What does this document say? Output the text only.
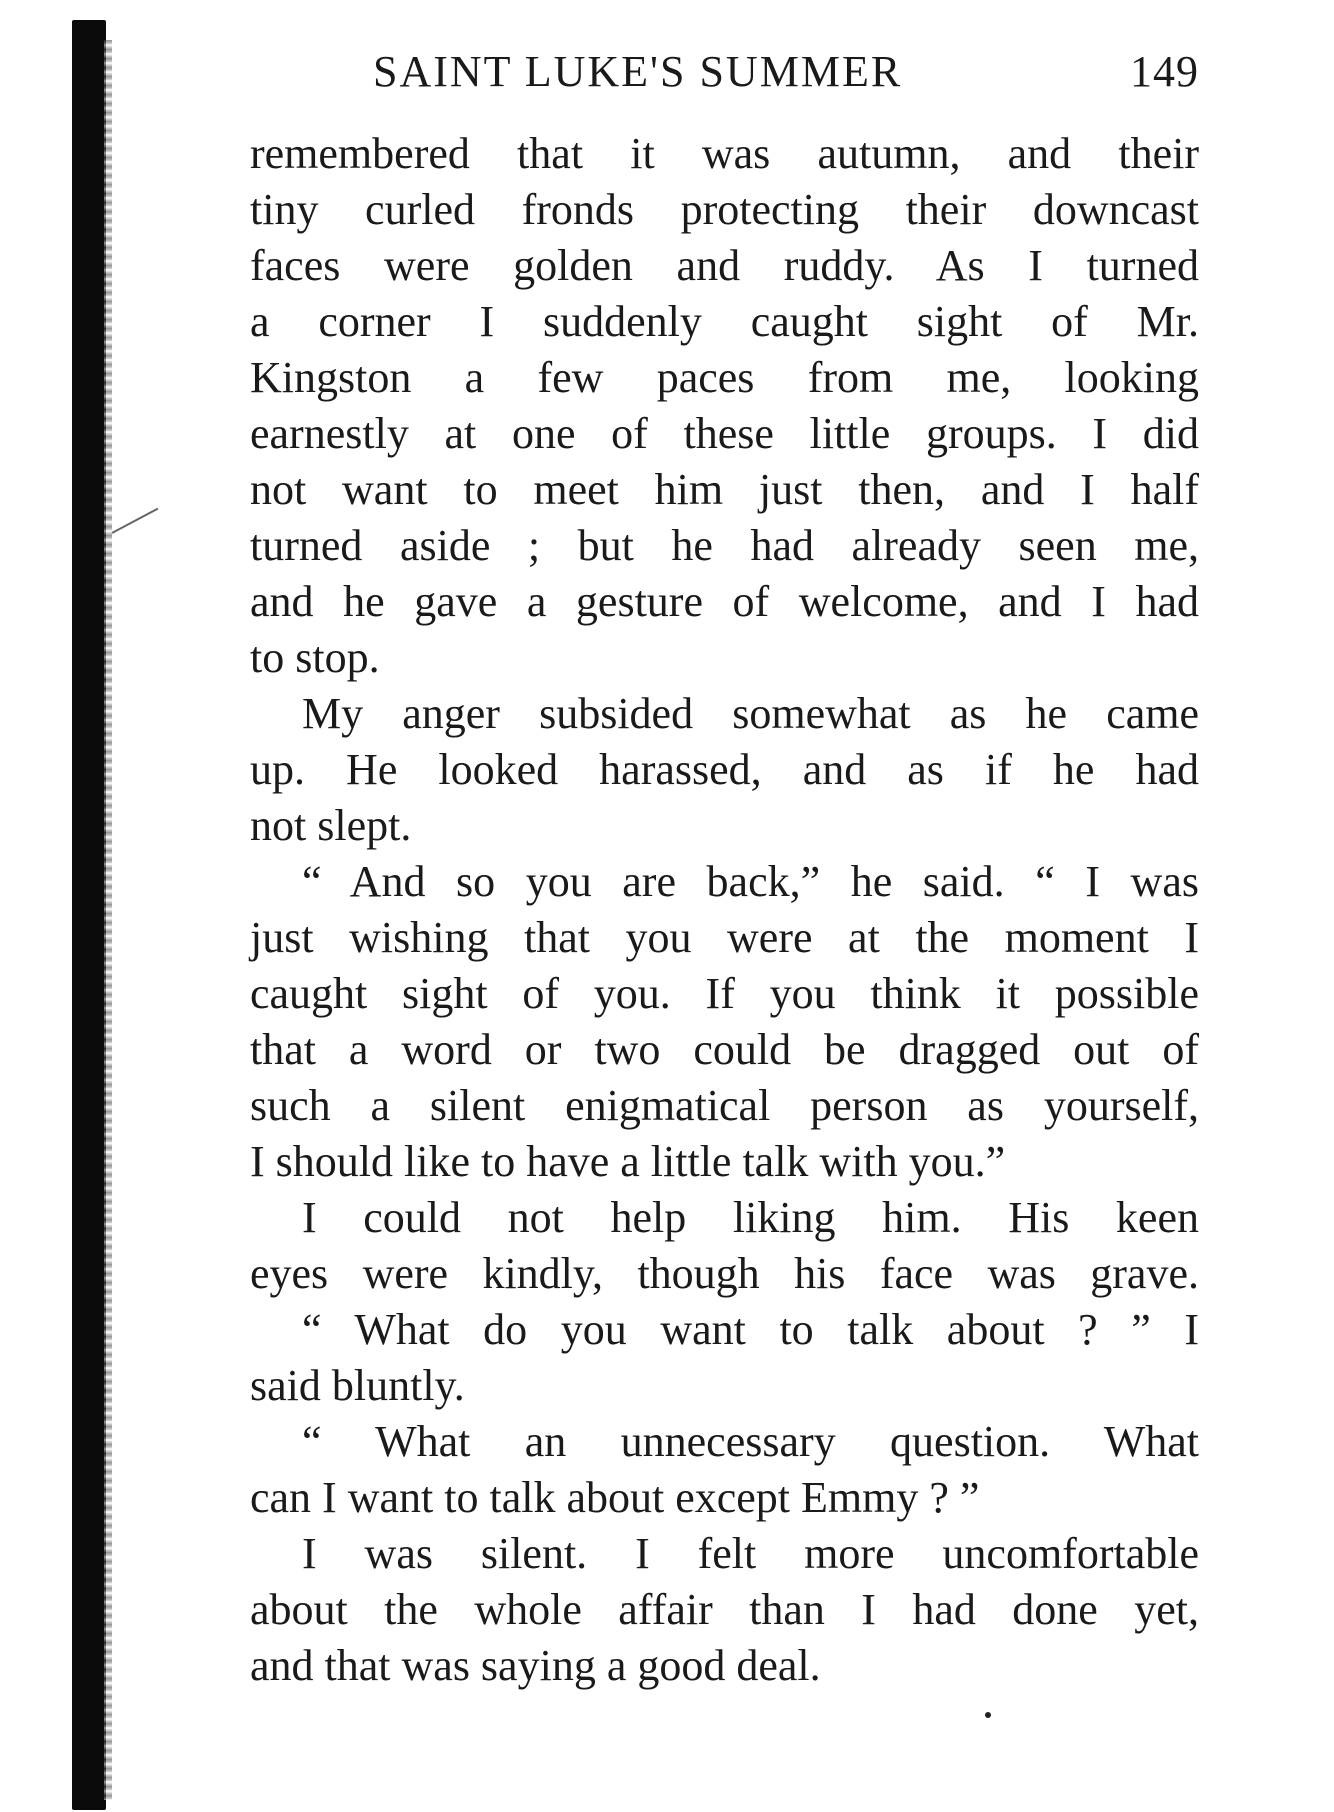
SAINT LUKE'S SUMMER	149
remembered that it was autumn, and their
tiny curled fronds protecting their downcast
faces were golden and ruddy. As I turned
a corner I suddenly caught sight of Mr.
Kingston a few paces from me, looking
earnestly at one of these little groups. I did
not want to meet him just then, and I half
turned aside ; but he had already seen me,
and he gave a gesture of welcome, and I had
to stop.
My anger subsided somewhat as he came
up. He looked harassed, and as if he had
not slept.
“ And so you are back,” he said. “ I was
just wishing that you were at the moment I
caught sight of you. If you think it possible
that a word or two could be dragged out of
such a silent enigmatical person as yourself,
I should like to have a little talk with you.”
I could not help liking him. His keen
eyes were kindly, though his face was grave.
“ What do you want to talk about ? ” I
said bluntly.
“ What an unnecessary question. What
can I want to talk about except Emmy ? ”
I was silent. I felt more uncomfortable
about the whole affair than I had done yet,
and that was saying a good deal.
